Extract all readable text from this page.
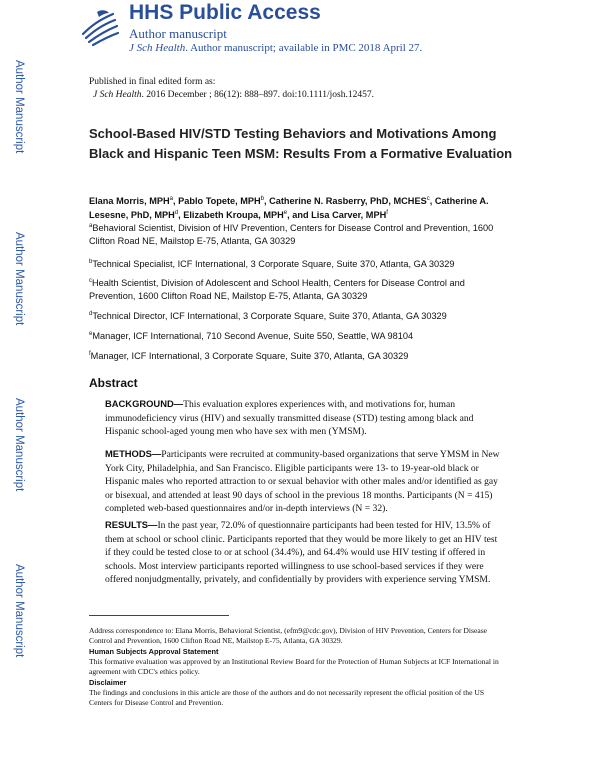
Author Manuscript
Author Manuscript
Author Manuscript
Author Manuscript
HHS Public Access
Author manuscript
J Sch Health. Author manuscript; available in PMC 2018 April 27.
Published in final edited form as:
J Sch Health. 2016 December ; 86(12): 888–897. doi:10.1111/josh.12457.
School-Based HIV/STD Testing Behaviors and Motivations Among Black and Hispanic Teen MSM: Results From a Formative Evaluation
Elana Morris, MPH$^a$, Pablo Topete, MPH$^b$, Catherine N. Rasberry, PhD, MCHES$^c$, Catherine A. Lesesne, PhD, MPH$^d$, Elizabeth Kroupa, MPH$^e$, and Lisa Carver, MPH$^f$
$^a$Behavioral Scientist, Division of HIV Prevention, Centers for Disease Control and Prevention, 1600 Clifton Road NE, Mailstop E-75, Atlanta, GA 30329
$^b$Technical Specialist, ICF International, 3 Corporate Square, Suite 370, Atlanta, GA 30329
$^c$Health Scientist, Division of Adolescent and School Health, Centers for Disease Control and Prevention, 1600 Clifton Road NE, Mailstop E-75, Atlanta, GA 30329
$^d$Technical Director, ICF International, 3 Corporate Square, Suite 370, Atlanta, GA 30329
$^e$Manager, ICF International, 710 Second Avenue, Suite 550, Seattle, WA 98104
$^f$Manager, ICF International, 3 Corporate Square, Suite 370, Atlanta, GA 30329
Abstract
BACKGROUND—This evaluation explores experiences with, and motivations for, human immunodeficiency virus (HIV) and sexually transmitted disease (STD) testing among black and Hispanic school-aged young men who have sex with men (YMSM).
METHODS—Participants were recruited at community-based organizations that serve YMSM in New York City, Philadelphia, and San Francisco. Eligible participants were 13- to 19-year-old black or Hispanic males who reported attraction to or sexual behavior with other males and/or identified as gay or bisexual, and attended at least 90 days of school in the previous 18 months. Participants (N = 415) completed web-based questionnaires and/or in-depth interviews (N = 32).
RESULTS—In the past year, 72.0% of questionnaire participants had been tested for HIV, 13.5% of them at school or school clinic. Participants reported that they would be more likely to get an HIV test if they could be tested close to or at school (34.4%), and 64.4% would use HIV testing if offered in schools. Most interview participants reported willingness to use school-based services if they were offered nonjudgmentally, privately, and confidentially by providers with experience serving YMSM.
Address correspondence to: Elana Morris, Behavioral Scientist, (efm9@cdc.gov), Division of HIV Prevention, Centers for Disease Control and Prevention, 1600 Clifton Road NE, Mailstop E-75, Atlanta, GA 30329.
Human Subjects Approval Statement
This formative evaluation was approved by an Institutional Review Board for the Protection of Human Subjects at ICF International in agreement with CDC's ethics policy.
Disclaimer
The findings and conclusions in this article are those of the authors and do not necessarily represent the official position of the US Centers for Disease Control and Prevention.
